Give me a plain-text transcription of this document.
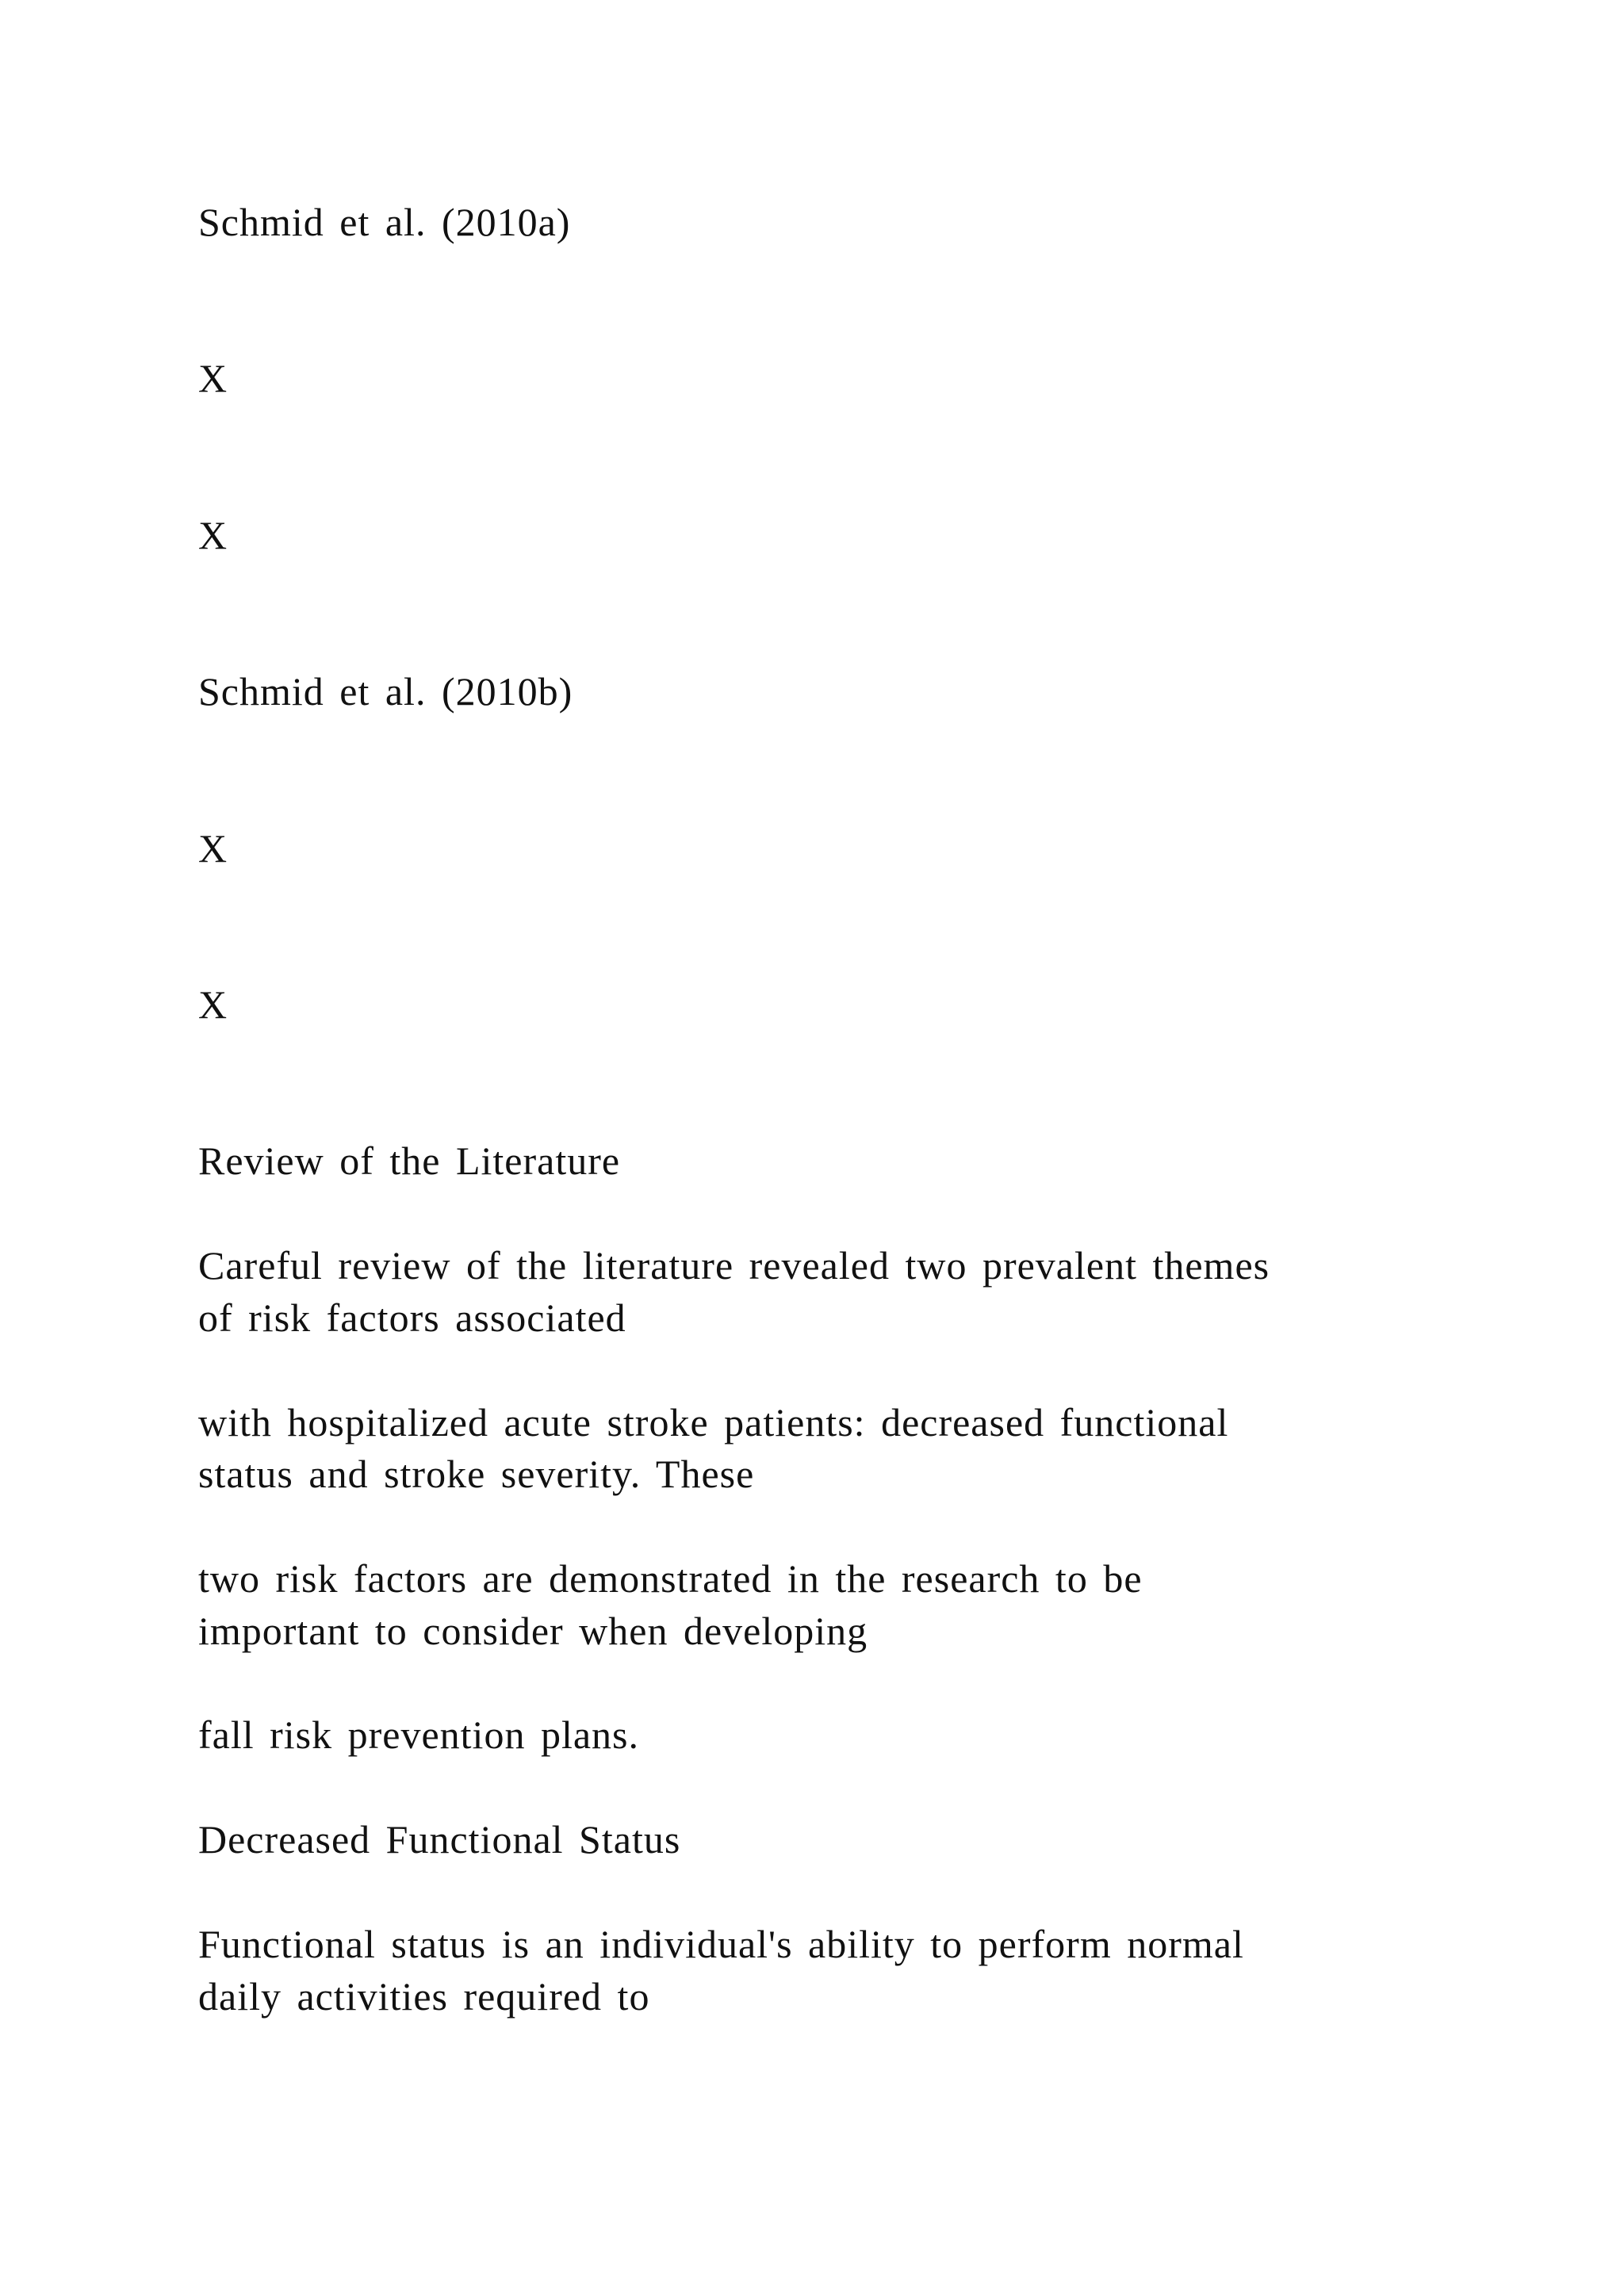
Schmid et al. (2010a)

X

X

Schmid et al. (2010b)

X

X

Review of the Literature

Careful review of the literature revealed two prevalent themes

of risk factors associated

with hospitalized acute stroke patients: decreased functional

status and stroke severity. These

two risk factors are demonstrated in the research to be

important to consider when developing

fall risk prevention plans.

Decreased Functional Status

Functional status is an individual's ability to perform normal

daily activities required to
